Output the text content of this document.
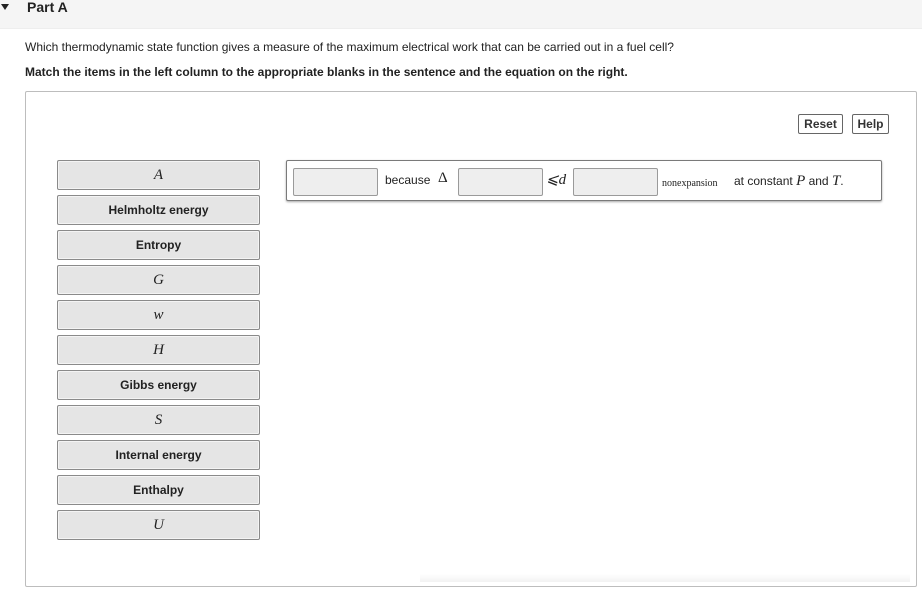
Part A
Which thermodynamic state function gives a measure of the maximum electrical work that can be carried out in a fuel cell?
Match the items in the left column to the appropriate blanks in the sentence and the equation on the right.
Reset	Help
A
Helmholtz energy
Entropy
G
w
H
Gibbs energy
S
Internal energy
Enthalpy
U
because Δ	⩽d	nonexpansion at constant P and T.
